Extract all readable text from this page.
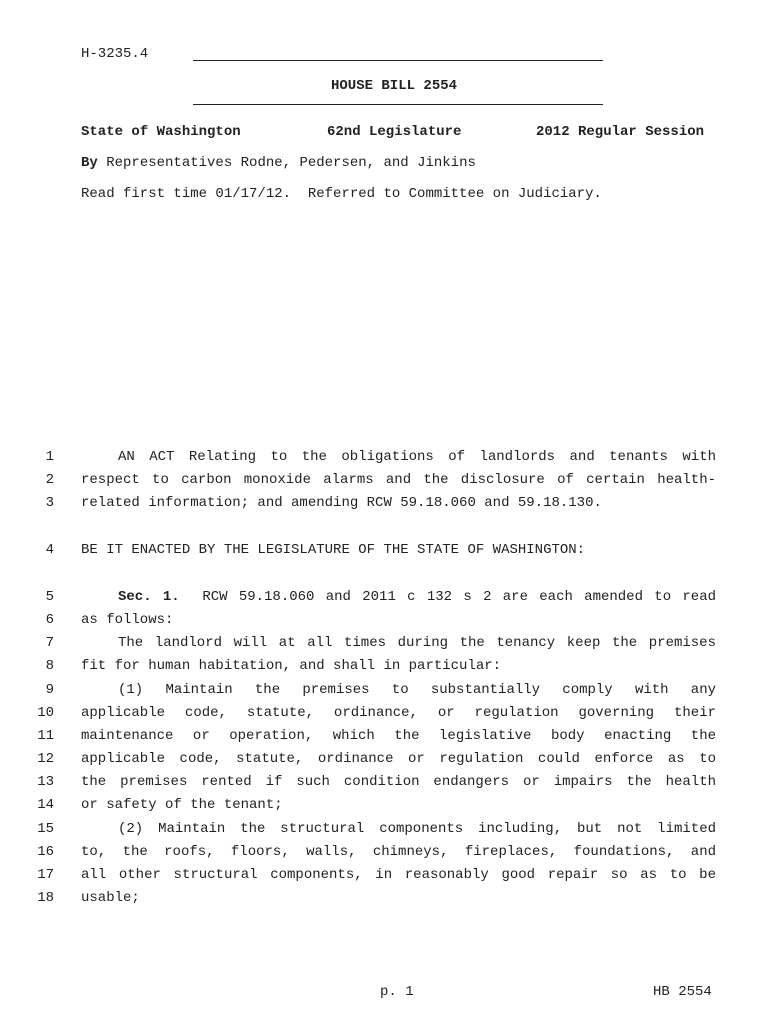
H-3235.4
HOUSE BILL 2554
State of Washington	62nd Legislature	2012 Regular Session
By Representatives Rodne, Pedersen, and Jinkins
Read first time 01/17/12.  Referred to Committee on Judiciary.
1	AN ACT Relating to the obligations of landlords and tenants with
2 respect to carbon monoxide alarms and the disclosure of certain health-
3 related information; and amending RCW 59.18.060 and 59.18.130.
4 BE IT ENACTED BY THE LEGISLATURE OF THE STATE OF WASHINGTON:
5	Sec. 1.  RCW 59.18.060 and 2011 c 132 s 2 are each amended to read
6 as follows:
7	The landlord will at all times during the tenancy keep the premises
8 fit for human habitation, and shall in particular:
9	(1) Maintain the premises to substantially comply with any
10 applicable code, statute, ordinance, or regulation governing their
11 maintenance or operation, which the legislative body enacting the
12 applicable code, statute, ordinance or regulation could enforce as to
13 the premises rented if such condition endangers or impairs the health
14 or safety of the tenant;
15	(2) Maintain the structural components including, but not limited
16 to, the roofs, floors, walls, chimneys, fireplaces, foundations, and
17 all other structural components, in reasonably good repair so as to be
18 usable;
p. 1	HB 2554
